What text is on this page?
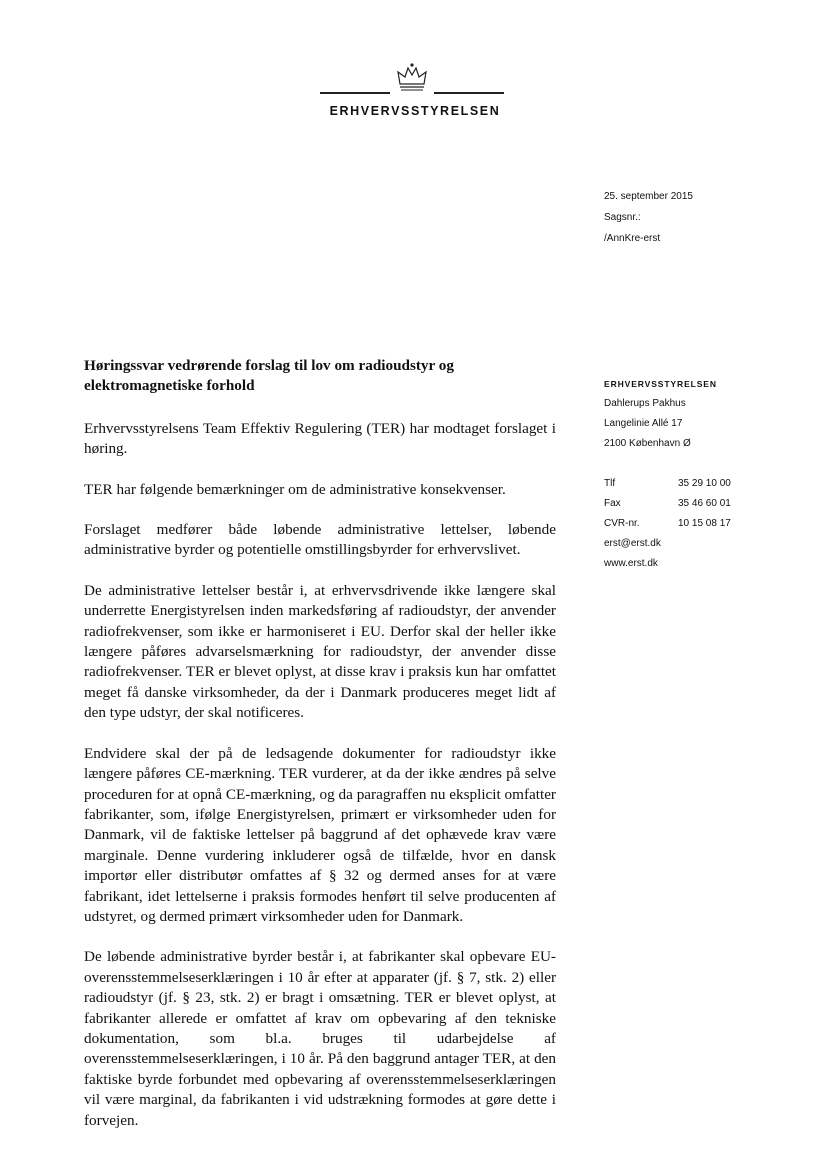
ERHVERVSSTYRELSEN
25. september 2015
Sagsnr.:
/AnnKre-erst
ERHVERVSSTYRELSEN
Dahlerups Pakhus
Langelinie Allé 17
2100 København Ø
Tlf	35 29 10 00
Fax	35 46 60 01
CVR-nr.	10 15 08 17
erst@erst.dk
www.erst.dk
Høringssvar vedrørende forslag til lov om radioudstyr og elektromagnetiske forhold

Erhvervsstyrelsens Team Effektiv Regulering (TER) har modtaget forslaget i høring.

TER har følgende bemærkninger om de administrative konsekvenser.

Forslaget medfører både løbende administrative lettelser, løbende administrative byrder og potentielle omstillingsbyrder for erhvervslivet.

De administrative lettelser består i, at erhvervsdrivende ikke længere skal underrette Energistyrelsen inden markedsføring af radioudstyr, der anvender radiofrekvenser, som ikke er harmoniseret i EU. Derfor skal der heller ikke længere påføres advarselsmærkning for radioudstyr, der anvender disse radiofrekvenser. TER er blevet oplyst, at disse krav i praksis kun har omfattet meget få danske virksomheder, da der i Danmark produceres meget lidt af den type udstyr, der skal notificeres.

Endvidere skal der på de ledsagende dokumenter for radioudstyr ikke længere påføres CE-mærkning. TER vurderer, at da der ikke ændres på selve proceduren for at opnå CE-mærkning, og da paragraffen nu eksplicit omfatter fabrikanter, som, ifølge Energistyrelsen, primært er virksomheder uden for Danmark, vil de faktiske lettelser på baggrund af det ophævede krav være marginale. Denne vurdering inkluderer også de tilfælde, hvor en dansk importør eller distributør omfattes af § 32 og dermed anses for at være fabrikant, idet lettelserne i praksis formodes henført til selve producenten af udstyret, og dermed primært virksomheder uden for Danmark.

De løbende administrative byrder består i, at fabrikanter skal opbevare EU-overensstemmelseserklæringen i 10 år efter at apparater (jf. § 7, stk. 2) eller radioudstyr (jf. § 23, stk. 2) er bragt i omsætning. TER er blevet oplyst, at fabrikanter allerede er omfattet af krav om opbevaring af den tekniske dokumentation, som bl.a. bruges til udarbejdelse af overensstemmelseserklæringen, i 10 år. På den baggrund antager TER, at den faktiske byrde forbundet med opbevaring af overensstemmelseserklæringen vil være marginal, da fabrikanten i vid udstrækning formodes at gøre dette i forvejen.
